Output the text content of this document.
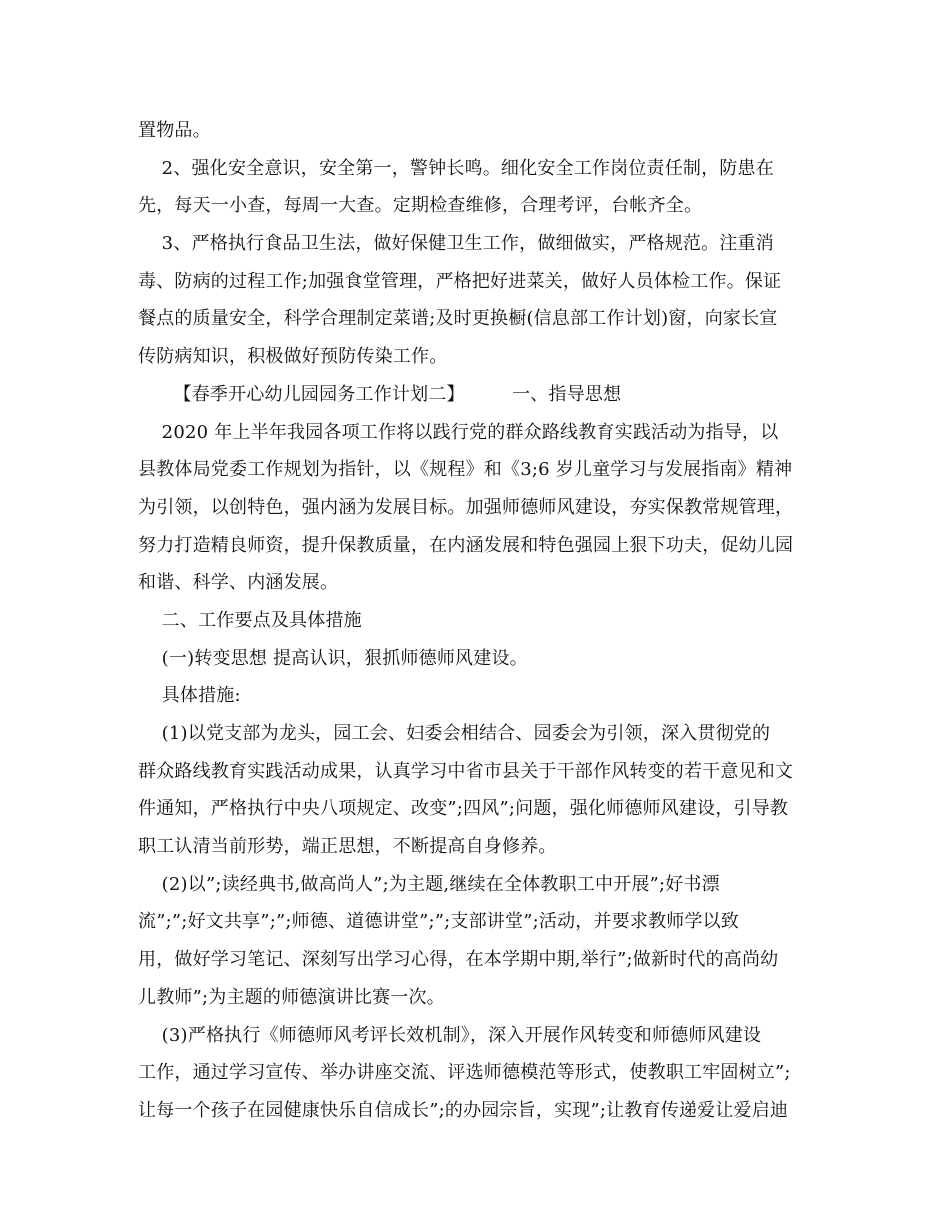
置物品。
2、强化安全意识，安全第一，警钟长鸣。细化安全工作岗位责任制，防患在
先，每天一小查，每周一大查。定期检查维修，合理考评，台帐齐全。
3、严格执行食品卫生法，做好保健卫生工作，做细做实，严格规范。注重消
毒、防病的过程工作;加强食堂管理，严格把好进菜关，做好人员体检工作。保证
餐点的质量安全，科学合理制定菜谱;及时更换橱(信息部工作计划)窗，向家长宣
传防病知识，积极做好预防传染工作。
【春季开心幼儿园园务工作计划二】        一、指导思想
2020 年上半年我园各项工作将以践行党的群众路线教育实践活动为指导，以
县教体局党委工作规划为指针，以《规程》和《3;6 岁儿童学习与发展指南》精神
为引领，以创特色，强内涵为发展目标。加强师德师风建设，夯实保教常规管理，
努力打造精良师资，提升保教质量，在内涵发展和特色强园上狠下功夫，促幼儿园
和谐、科学、内涵发展。
二、工作要点及具体措施
(一)转变思想 提高认识，狠抓师德师风建设。
具体措施:
(1)以党支部为龙头，园工会、妇委会相结合、园委会为引领，深入贯彻党的
群众路线教育实践活动成果，认真学习中省市县关于干部作风转变的若干意见和文
件通知，严格执行中央八项规定、改变”;四风”;问题，强化师德师风建设，引导教
职工认清当前形势，端正思想，不断提高自身修养。
(2)以”;读经典书,做高尚人”;为主题,继续在全体教职工中开展”;好书漂
流”;”;好文共享”;”;师德、道德讲堂”;”;支部讲堂”;活动，并要求教师学以致
用，做好学习笔记、深刻写出学习心得，在本学期中期,举行”;做新时代的高尚幼
儿教师”;为主题的师德演讲比赛一次。
(3)严格执行《师德师风考评长效机制》，深入开展作风转变和师德师风建设
工作，通过学习宣传、举办讲座交流、评选师德模范等形式，使教职工牢固树立”;
让每一个孩子在园健康快乐自信成长”;的办园宗旨，实现”;让教育传递爱让爱启迪
